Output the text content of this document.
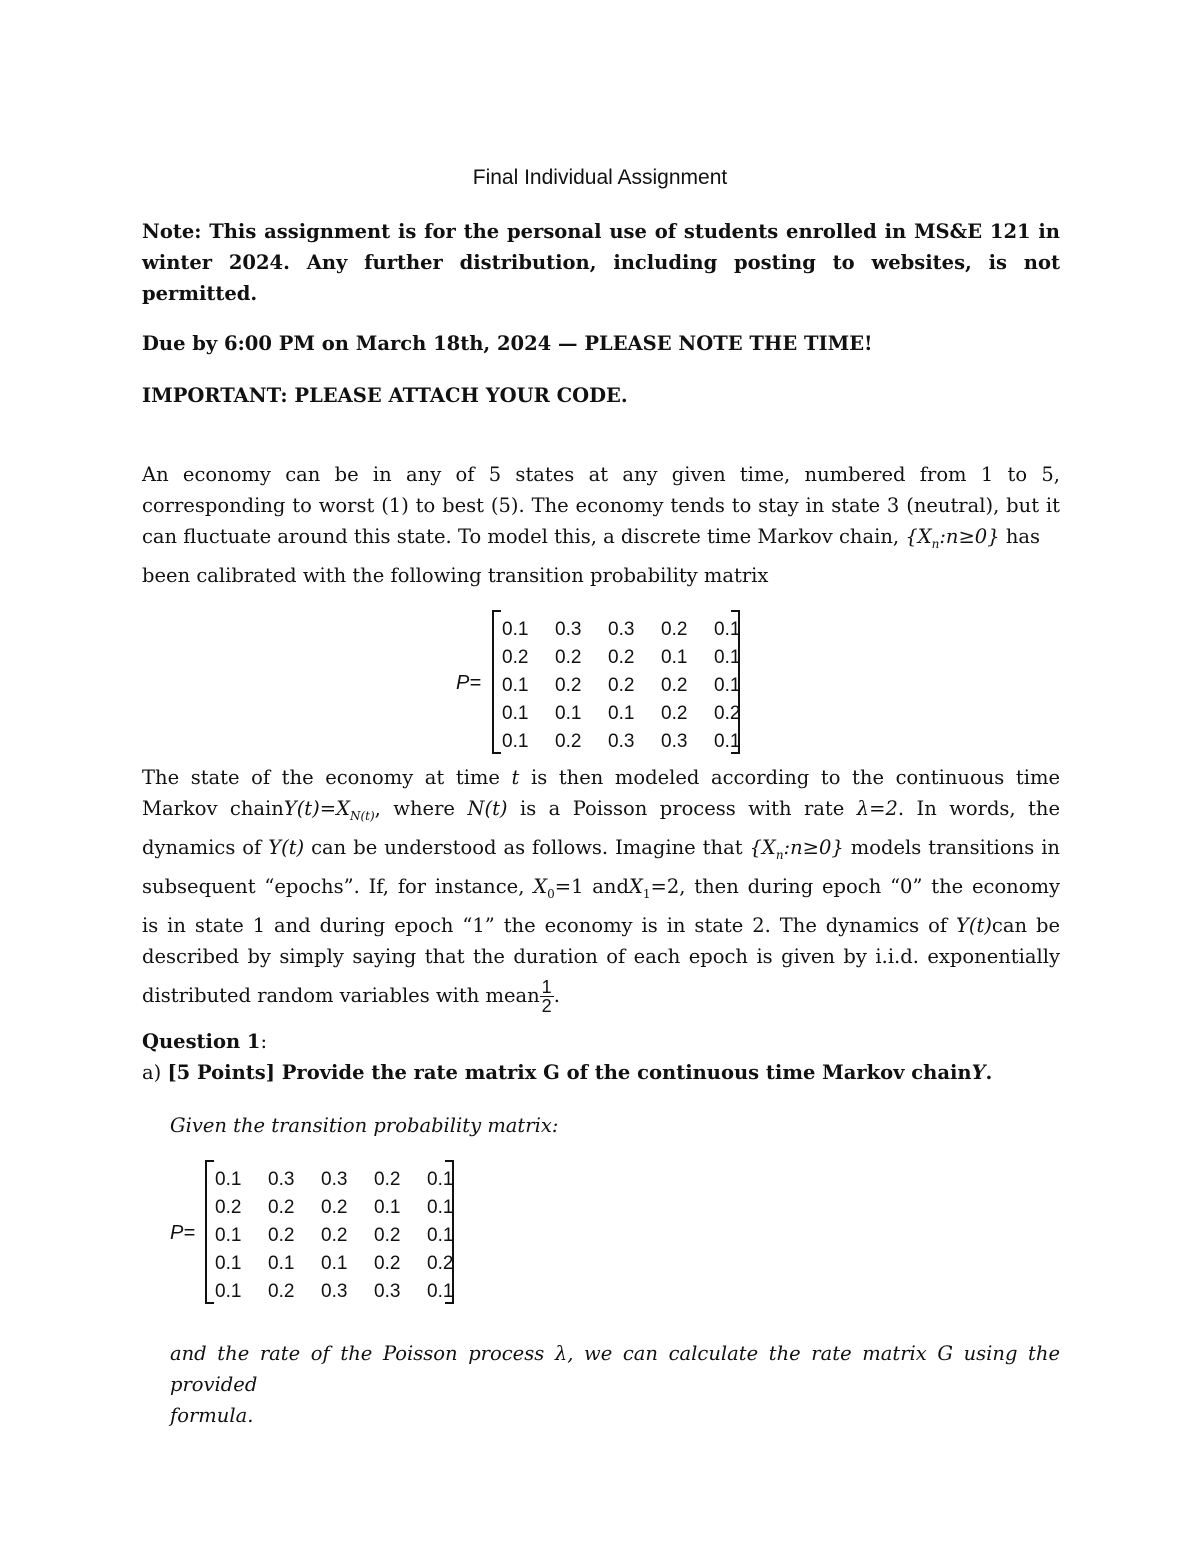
Final Individual Assignment
Note: This assignment is for the personal use of students enrolled in MS&E 121 in
winter 2024. Any further distribution, including posting to websites, is not
permitted.
Due by 6:00 PM on March 18th, 2024 — PLEASE NOTE THE TIME!
IMPORTANT: PLEASE ATTACH YOUR CODE.
An economy can be in any of 5 states at any given time, numbered from 1 to 5,
corresponding to worst (1) to best (5). The economy tends to stay in state 3 (neutral), but it
can fluctuate around this state. To model this, a discrete time Markov chain, $\{X_n:n\ge 0\}$ has
been calibrated with the following transition probability matrix
P=
0.1	0.3	0.3	0.2	0.1
0.2	0.2	0.2	0.1	0.1
0.1	0.2	0.2	0.2	0.1
0.1	0.1	0.1	0.2	0.2
0.1	0.2	0.3	0.3	0.1
The state of the economy at time t is then modeled according to the continuous time
Markov $chainY(t)=X_{N(t)}$, where N(t) is a Poisson process with rate λ=2. In words, the
dynamics of Y(t) can be understood as follows. Imagine that $\{X_n:n\ge 0\}$ models transitions in
subsequent “epochs”. If, for instance, $X_0=1$ andX$_1$=2, then during epoch “0” the economy
is in state 1 and during epoch “1” the economy is in state 2. The dynamics of Y(t)can be
described by simply saying that the duration of each epoch is given by i.i.d. exponentially
distributed random variables with mean $\frac{1}{2}$ .
Question 1:
a) [5 Points] Provide the rate matrix G of the continuous time Markov chainY.
Given the transition probability matrix:
P=
0.1	0.3	0.3	0.2	0.1
0.2	0.2	0.2	0.1	0.1
0.1	0.2	0.2	0.2	0.1
0.1	0.1	0.1	0.2	0.2
0.1	0.2	0.3	0.3	0.1
and the rate of the Poisson process λ, we can calculate the rate matrix G using the provided
formula.
